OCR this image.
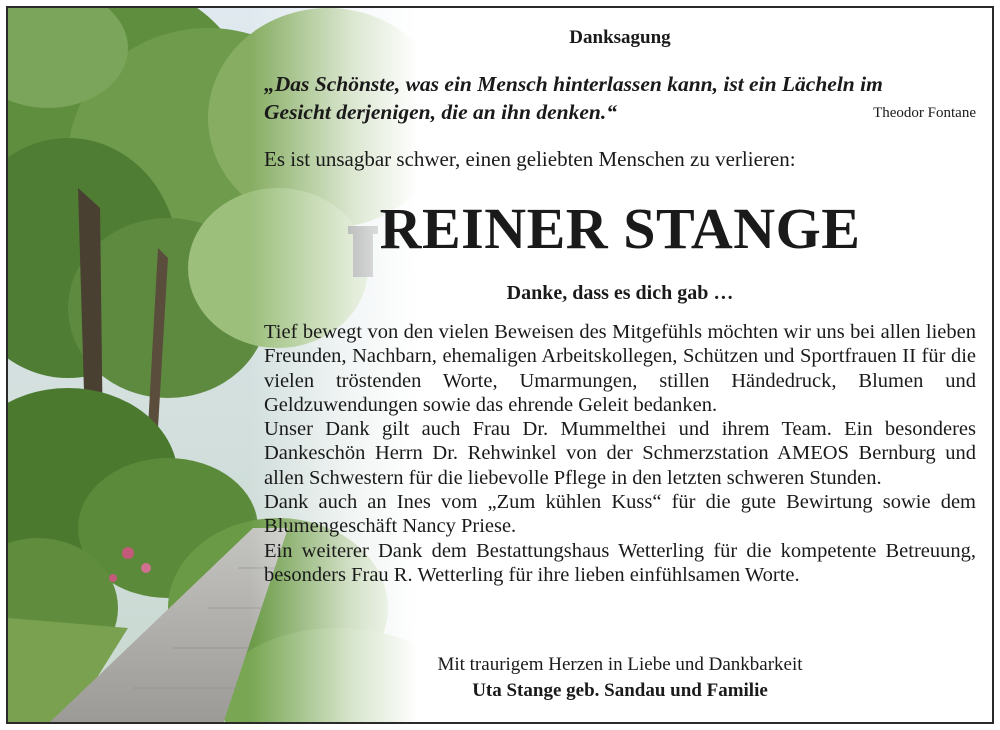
Danksagung
„Das Schönste, was ein Mensch hinterlassen kann, ist ein Lächeln im
Gesicht derjenigen, die an ihn denken.“	Theodor Fontane
Es ist unsagbar schwer, einen geliebten Menschen zu verlieren:
REINER STANGE
Danke, dass es dich gab …

Tief bewegt von den vielen Beweisen des Mitgefühls möchten wir uns bei allen lieben Freunden, Nachbarn, ehemaligen Arbeitskollegen, Schützen und Sportfrauen II für die vielen tröstenden Worte, Umarmungen, stillen Händedruck, Blumen und Geldzuwendungen sowie das ehrende Geleit bedanken.

Unser Dank gilt auch Frau Dr. Mummelthei und ihrem Team. Ein besonderes Dankeschön Herrn Dr. Rehwinkel von der Schmerzstation AMEOS Bernburg und allen Schwestern für die liebevolle Pflege in den letzten schweren Stunden.

Dank auch an Ines vom „Zum kühlen Kuss“ für die gute Bewirtung sowie dem Blumengeschäft Nancy Priese.

Ein weiterer Dank dem Bestattungshaus Wetterling für die kompetente Betreuung, besonders Frau R. Wetterling für ihre lieben einfühlsamen Worte.

Mit traurigem Herzen in Liebe und Dankbarkeit
Uta Stange geb. Sandau und Familie
